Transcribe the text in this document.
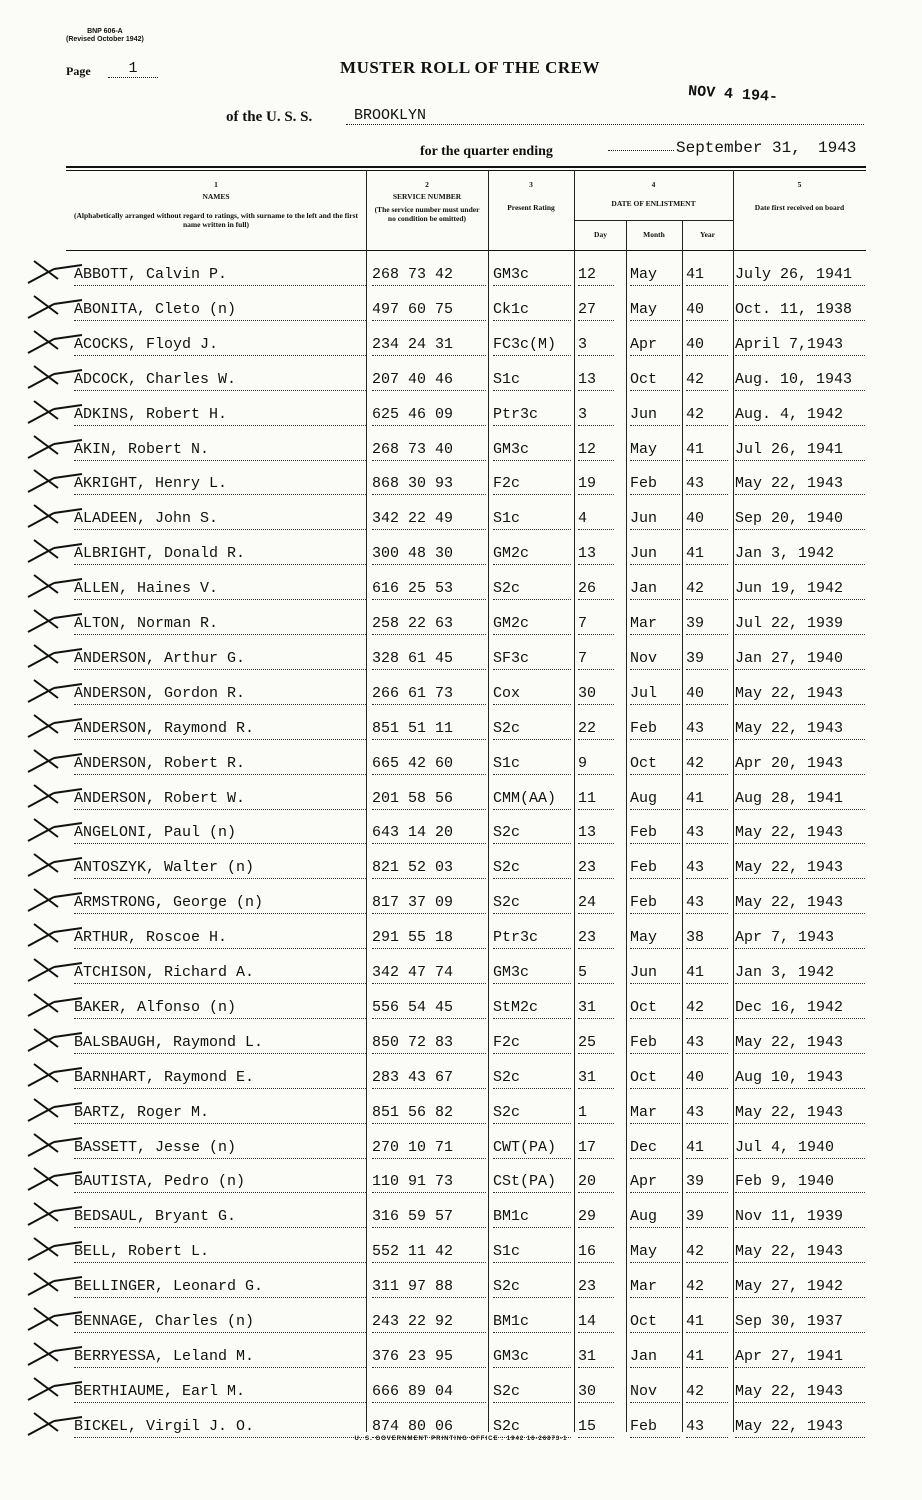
BNP 606-A
(Revised October 1942)
Page	1	MUSTER ROLL OF THE CREW
NOV 4 194-
of the U. S. S.	BROOKLYN
for the quarter ending	September 31, 1943
1
NAMES
(Alphabetically arranged without regard to ratings, with surname to the left and the first name written in full)
2
SERVICE NUMBER
(The service number must under no condition be omitted)
3
Present Rating
4
DATE OF ENLISTMENT
Day	Month	Year
5
Date first received on board
ABBOTT, Calvin P.	268 73 42	GM3c	12	May	41	July 26, 1941
ABONITA, Cleto (n)	497 60 75	Ck1c	27	May	40	Oct. 11, 1938
ACOCKS, Floyd J.	234 24 31	FC3c(M)	3	Apr	40	April 7,1943
ADCOCK, Charles W.	207 40 46	S1c	13	Oct	42	Aug. 10, 1943
ADKINS, Robert H.	625 46 09	Ptr3c	3	Jun	42	Aug. 4, 1942
AKIN, Robert N.	268 73 40	GM3c	12	May	41	Jul 26, 1941
AKRIGHT, Henry L.	868 30 93	F2c	19	Feb	43	May 22, 1943
ALADEEN, John S.	342 22 49	S1c	4	Jun	40	Sep 20, 1940
ALBRIGHT, Donald R.	300 48 30	GM2c	13	Jun	41	Jan 3, 1942
ALLEN, Haines V.	616 25 53	S2c	26	Jan	42	Jun 19, 1942
ALTON, Norman R.	258 22 63	GM2c	7	Mar	39	Jul 22, 1939
ANDERSON, Arthur G.	328 61 45	SF3c	7	Nov	39	Jan 27, 1940
ANDERSON, Gordon R.	266 61 73	Cox	30	Jul	40	May 22, 1943
ANDERSON, Raymond R.	851 51 11	S2c	22	Feb	43	May 22, 1943
ANDERSON, Robert R.	665 42 60	S1c	9	Oct	42	Apr 20, 1943
ANDERSON, Robert W.	201 58 56	CMM(AA)	11	Aug	41	Aug 28, 1941
ANGELONI, Paul (n)	643 14 20	S2c	13	Feb	43	May 22, 1943
ANTOSZYK, Walter (n)	821 52 03	S2c	23	Feb	43	May 22, 1943
ARMSTRONG, George (n)	817 37 09	S2c	24	Feb	43	May 22, 1943
ARTHUR, Roscoe H.	291 55 18	Ptr3c	23	May	38	Apr 7, 1943
ATCHISON, Richard A.	342 47 74	GM3c	5	Jun	41	Jan 3, 1942
BAKER, Alfonso (n)	556 54 45	StM2c	31	Oct	42	Dec 16, 1942
BALSBAUGH, Raymond L.	850 72 83	F2c	25	Feb	43	May 22, 1943
BARNHART, Raymond E.	283 43 67	S2c	31	Oct	40	Aug 10, 1943
BARTZ, Roger M.	851 56 82	S2c	1	Mar	43	May 22, 1943
BASSETT, Jesse (n)	270 10 71	CWT(PA)	17	Dec	41	Jul 4, 1940
BAUTISTA, Pedro (n)	110 91 73	CSt(PA)	20	Apr	39	Feb 9, 1940
BEDSAUL, Bryant G.	316 59 57	BM1c	29	Aug	39	Nov 11, 1939
BELL, Robert L.	552 11 42	S1c	16	May	42	May 22, 1943
BELLINGER, Leonard G.	311 97 88	S2c	23	Mar	42	May 27, 1942
BENNAGE, Charles (n)	243 22 92	BM1c	14	Oct	41	Sep 30, 1937
BERRYESSA, Leland M.	376 23 95	GM3c	31	Jan	41	Apr 27, 1941
BERTHIAUME, Earl M.	666 89 04	S2c	30	Nov	42	May 22, 1943
BICKEL, Virgil J. O.	874 80 06	S2c	15	Feb	43	May 22, 1943
U. S. GOVERNMENT PRINTING OFFICE : 1942 16-26873-1
